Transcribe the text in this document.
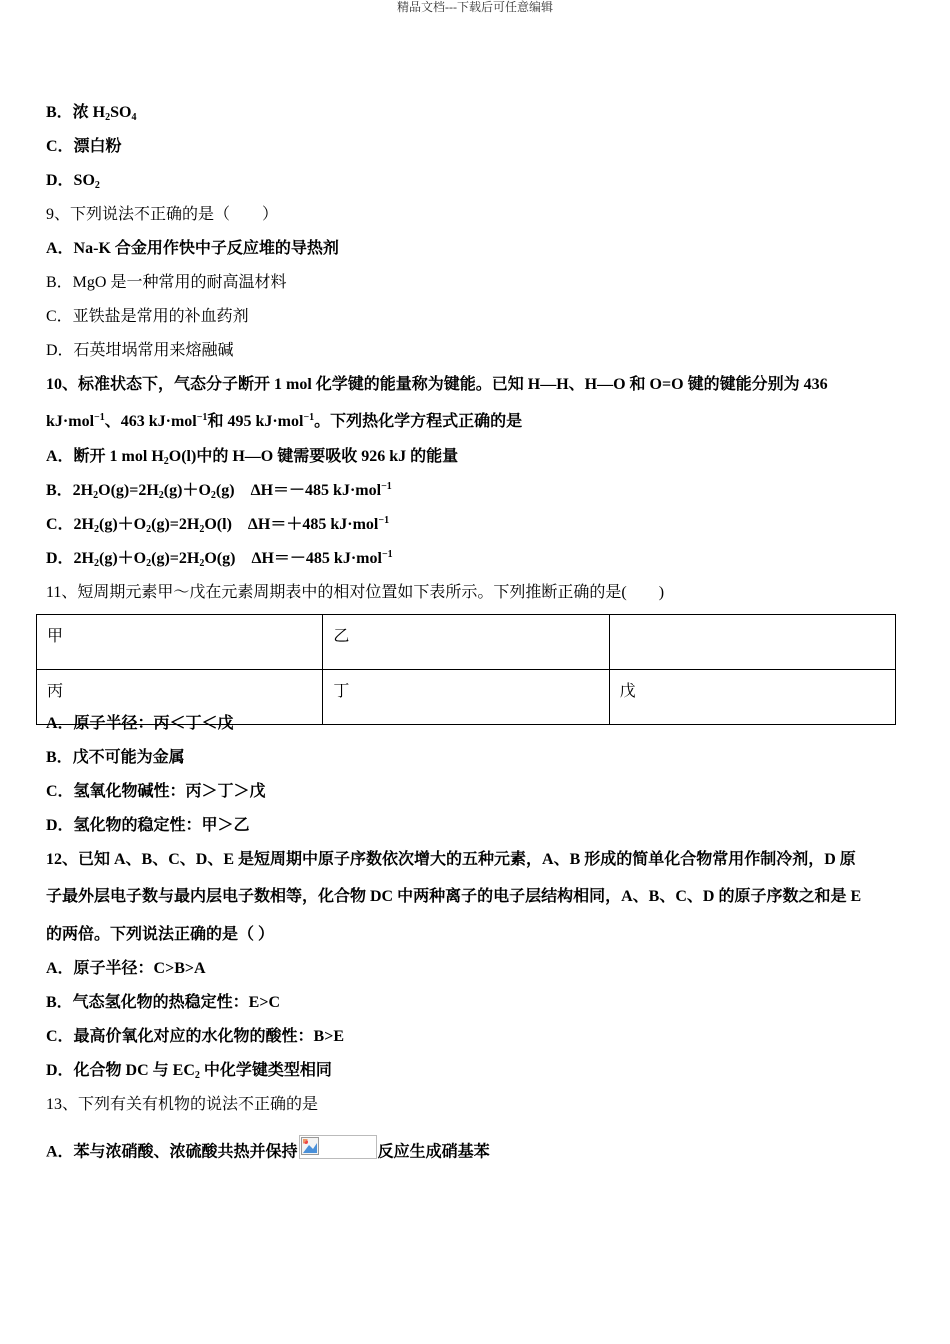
精品文档---下载后可任意编辑
B．浓 $H_2SO_4$
C．漂白粉
D．$SO_2$
9、下列说法不正确的是（　　）
A．Na-K 合金用作快中子反应堆的导热剂
B．MgO 是一种常用的耐高温材料
C．亚铁盐是常用的补血药剂
D．石英坩埚常用来熔融碱
10、标准状态下，气态分子断开 1 mol 化学键的能量称为键能。已知 H—H、H—O 和 O=O 键的键能分别为 436
kJ·mol$^{-1}$、463 kJ·mol$^{-1}$和 495 kJ·mol$^{-1}$。下列热化学方程式正确的是
A．断开 1 mol $H_2O(l)$中的 H—O 键需要吸收 926 kJ 的能量
B．$2H_2O(g)=2H_2(g)+O_2(g)$　ΔH＝－485 kJ·mol$^{-1}$
C．$2H_2(g)+O_2(g)=2H_2O(l)$　ΔH＝＋485 kJ·mol$^{-1}$
D．$2H_2(g)+O_2(g)=2H_2O(g)$　ΔH＝－485 kJ·mol$^{-1}$
11、短周期元素甲～戊在元素周期表中的相对位置如下表所示。下列推断正确的是(　　)
甲	乙	
丙	丁	戊
A．原子半径：丙＜丁＜戊
B．戊不可能为金属
C．氢氧化物碱性：丙＞丁＞戊
D．氢化物的稳定性：甲＞乙
12、已知 A、B、C、D、E 是短周期中原子序数依次增大的五种元素，A、B 形成的简单化合物常用作制冷剂，D 原
子最外层电子数与最内层电子数相等，化合物 DC 中两种离子的电子层结构相同，A、B、C、D 的原子序数之和是 E
的两倍。下列说法正确的是（ ）
A．原子半径：C>B>A
B．气态氢化物的热稳定性：E>C
C．最高价氧化对应的水化物的酸性：B>E
D．化合物 DC 与 $EC_2$ 中化学键类型相同
13、下列有关有机物的说法不正确的是
A．苯与浓硝酸、浓硫酸共热并保持	反应生成硝基苯
